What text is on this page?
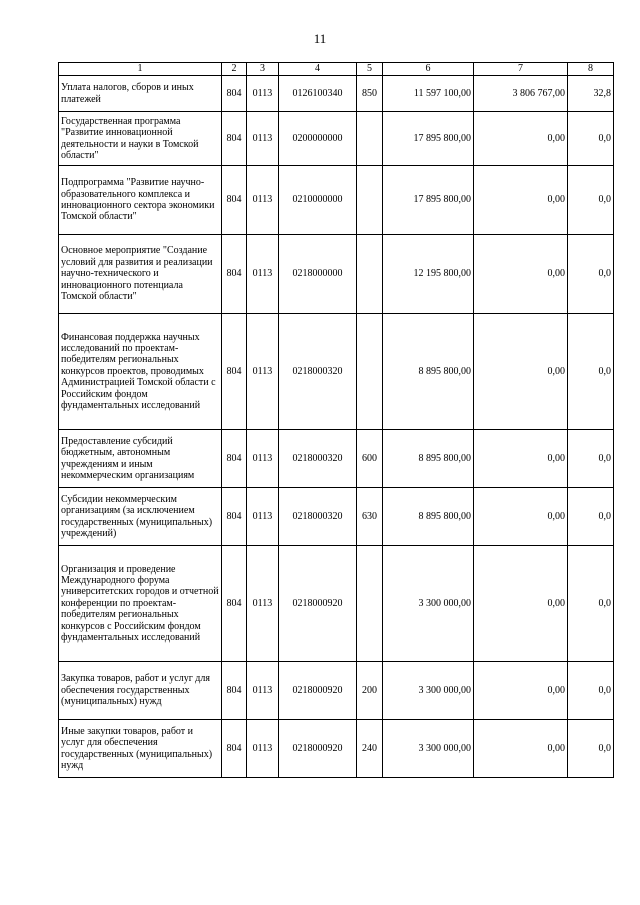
11
1	2	3	4	5	6	7	8
Уплата налогов, сборов и иных платежей	804	0113	0126100340	850	11 597 100,00	3 806 767,00	32,8
Государственная программа "Развитие инновационной деятельности и науки в Томской области"	804	0113	0200000000		17 895 800,00	0,00	0,0
Подпрограмма "Развитие научно-образовательного комплекса и инновационного сектора экономики Томской области"	804	0113	0210000000		17 895 800,00	0,00	0,0
Основное мероприятие "Создание условий для развития и реализации научно-технического и инновационного потенциала Томской области"	804	0113	0218000000		12 195 800,00	0,00	0,0
Финансовая поддержка научных исследований по проектам-победителям региональных конкурсов проектов, проводимых Администрацией Томской области с Российским фондом фундаментальных исследований	804	0113	0218000320		8 895 800,00	0,00	0,0
Предоставление субсидий бюджетным, автономным учреждениям и иным некоммерческим организациям	804	0113	0218000320	600	8 895 800,00	0,00	0,0
Субсидии некоммерческим организациям (за исключением государственных (муниципальных) учреждений)	804	0113	0218000320	630	8 895 800,00	0,00	0,0
Организация и проведение Международного форума университетских городов и отчетной конференции по проектам-победителям региональных конкурсов с Российским фондом фундаментальных исследований	804	0113	0218000920		3 300 000,00	0,00	0,0
Закупка товаров, работ и услуг для обеспечения государственных (муниципальных) нужд	804	0113	0218000920	200	3 300 000,00	0,00	0,0
Иные закупки товаров, работ и услуг для обеспечения государственных (муниципальных) нужд	804	0113	0218000920	240	3 300 000,00	0,00	0,0
